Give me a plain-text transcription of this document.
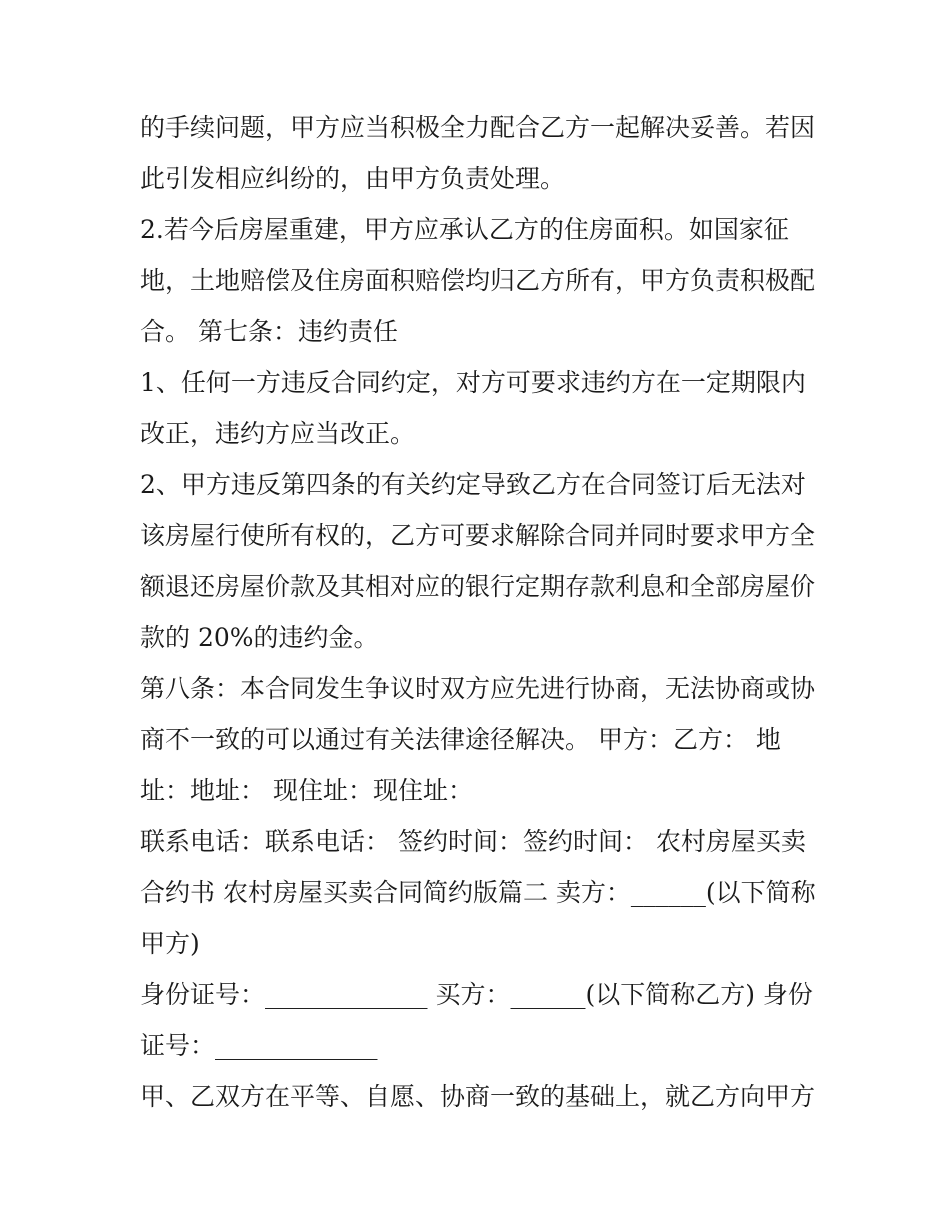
的手续问题，甲方应当积极全力配合乙方一起解决妥善。若因
此引发相应纠纷的，由甲方负责处理。
2.若今后房屋重建，甲方应承认乙方的住房面积。如国家征
地，土地赔偿及住房面积赔偿均归乙方所有，甲方负责积极配
合。 第七条：违约责任
1、任何一方违反合同约定，对方可要求违约方在一定期限内
改正，违约方应当改正。
2、甲方违反第四条的有关约定导致乙方在合同签订后无法对
该房屋行使所有权的，乙方可要求解除合同并同时要求甲方全
额退还房屋价款及其相对应的银行定期存款利息和全部房屋价
款的 20%的违约金。
第八条：本合同发生争议时双方应先进行协商，无法协商或协
商不一致的可以通过有关法律途径解决。 甲方：乙方： 地
址：地址： 现住址：现住址：
联系电话：联系电话： 签约时间：签约时间： 农村房屋买卖
合约书 农村房屋买卖合同简约版篇二 卖方：______(以下简称
甲方)
身份证号：_____________ 买方：______(以下简称乙方) 身份
证号：_____________
甲、乙双方在平等、自愿、协商一致的基础上，就乙方向甲方
